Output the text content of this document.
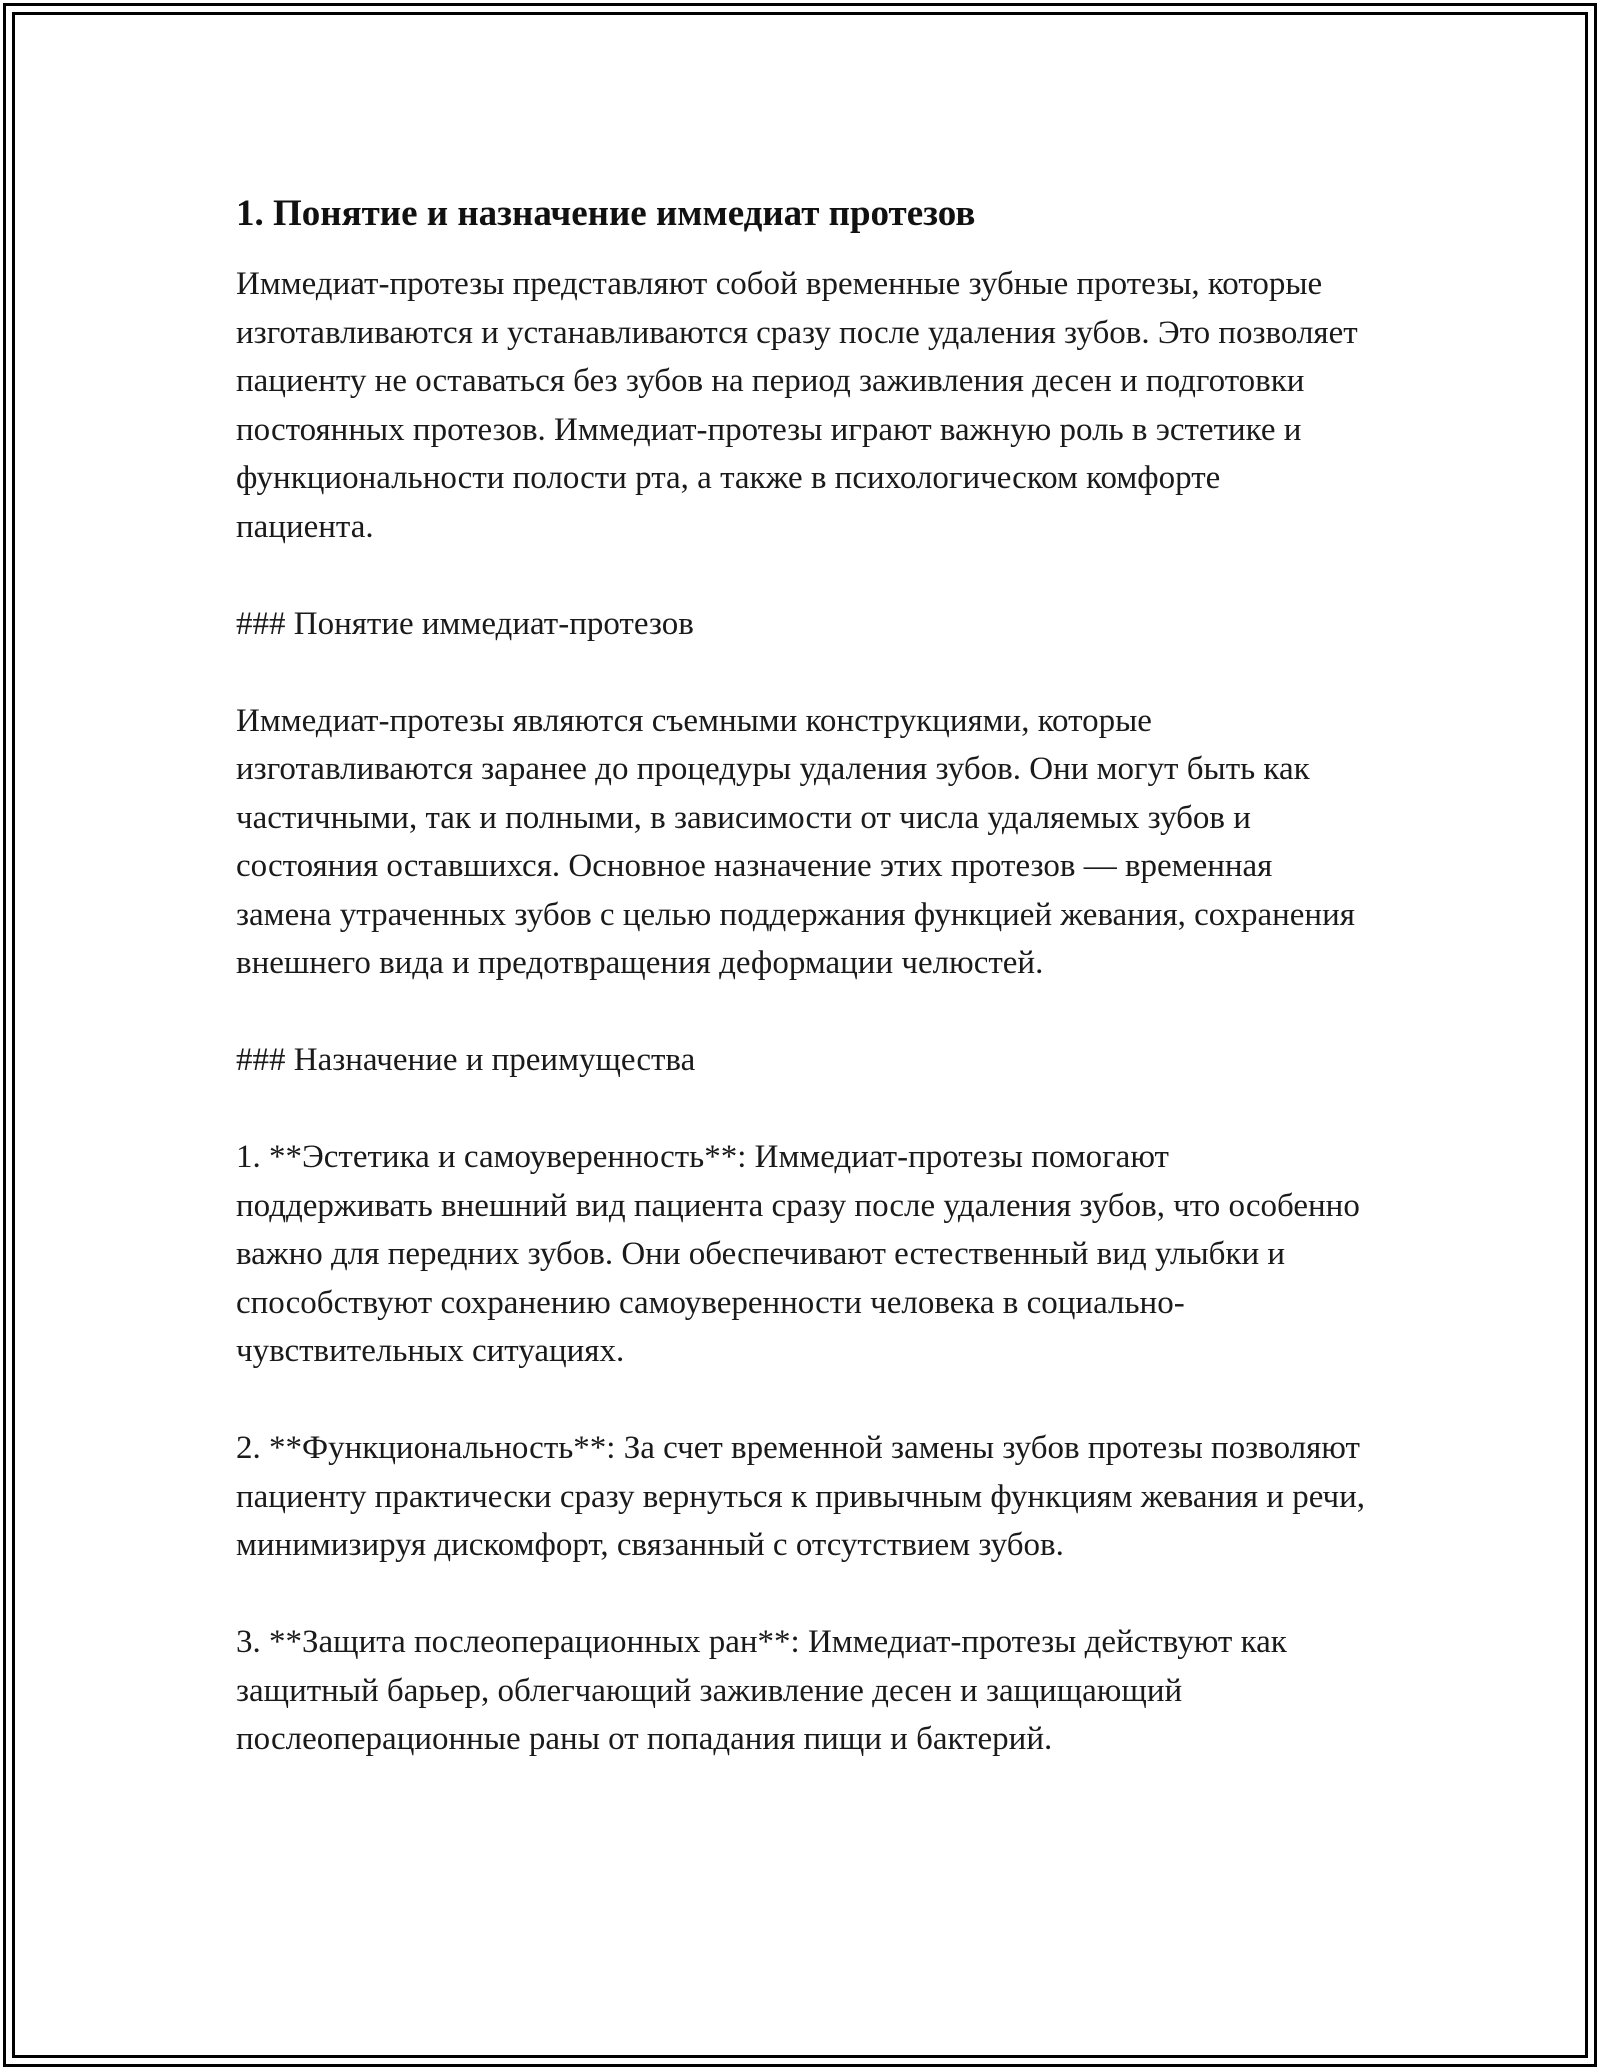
1. Понятие и назначение иммедиат протезов

Иммедиат-протезы представляют собой временные зубные протезы, которые изготавливаются и устанавливаются сразу после удаления зубов. Это позволяет пациенту не оставаться без зубов на период заживления десен и подготовки постоянных протезов. Иммедиат-протезы играют важную роль в эстетике и функциональности полости рта, а также в психологическом комфорте пациента.

### Понятие иммедиат-протезов

Иммедиат-протезы являются съемными конструкциями, которые изготавливаются заранее до процедуры удаления зубов. Они могут быть как частичными, так и полными, в зависимости от числа удаляемых зубов и состояния оставшихся. Основное назначение этих протезов — временная замена утраченных зубов с целью поддержания функцией жевания, сохранения внешнего вида и предотвращения деформации челюстей.

### Назначение и преимущества

1. **Эстетика и самоуверенность**: Иммедиат-протезы помогают поддерживать внешний вид пациента сразу после удаления зубов, что особенно важно для передних зубов. Они обеспечивают естественный вид улыбки и способствуют сохранению самоуверенности человека в социально-чувствительных ситуациях.

2. **Функциональность**: За счет временной замены зубов протезы позволяют пациенту практически сразу вернуться к привычным функциям жевания и речи, минимизируя дискомфорт, связанный с отсутствием зубов.

3. **Защита послеоперационных ран**: Иммедиат-протезы действуют как защитный барьер, облегчающий заживление десен и защищающий послеоперационные раны от попадания пищи и бактерий.
